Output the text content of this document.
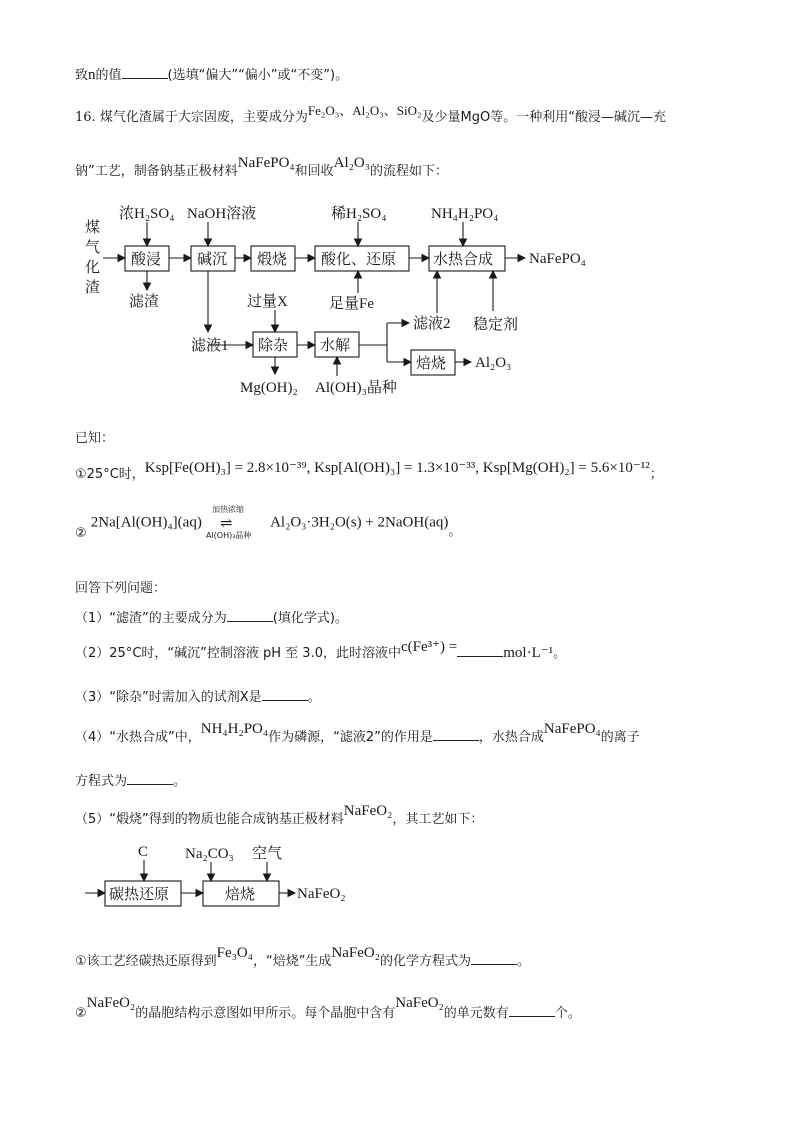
致n的值	(选填“偏大”“偏小”或“不变”)。
16. 煤气化渣属于大宗固废，主要成分为Fe₂O₃、Al₂O₃、SiO₂及少量MgO等。一种利用“酸浸—碱沉—充
钠”工艺，制备钠基正极材料NaFePO₄和回收Al₂O₃的流程如下：
煤
气
化
渣
浓H₂SO₄ NaOH溶液	稀H₂SO₄	NH₄H₂PO₄
酸浸 碱沉 煅烧 酸化、还原 水热合成 NaFePO₄
滤渣	过量X	足量Fe
滤液2 稳定剂
滤液1 除杂 水解
焙烧 Al₂O₃
Mg(OH)₂ Al(OH)₃晶种
已知：
①25°C时，Ksp[Fe(OH)₃] = 2.8×10⁻³⁹, Ksp[Al(OH)₃] = 1.3×10⁻³³, Ksp[Mg(OH)₂] = 5.6×10⁻¹²；
② 2Na[Al(OH)₄](aq)
加热浓缩
⇌
Al(OH)₃晶种
Al₂O₃·3H₂O(s) + 2NaOH(aq)。
回答下列问题：
（1）“滤渣”的主要成分为	(填化学式)。
（2）25°C时，“碱沉”控制溶液 pH 至 3.0，此时溶液中c(Fe³⁺) =	mol·L⁻¹。
（3）“除杂”时需加入的试剂X是	。
（4）“水热合成”中，NH₄H₂PO₄作为磷源，“滤液2”的作用是	，水热合成NaFePO₄的离子
方程式为	。
（5）“煅烧”得到的物质也能合成钠基正极材料NaFeO₂，其工艺如下：
C Na₂CO₃ 空气
碳热还原	焙烧	NaFeO₂
①该工艺经碳热还原得到Fe₃O₄，“焙烧”生成NaFeO₂的化学方程式为	。
②NaFeO₂的晶胞结构示意图如甲所示。每个晶胞中含有NaFeO₂的单元数有	个。
